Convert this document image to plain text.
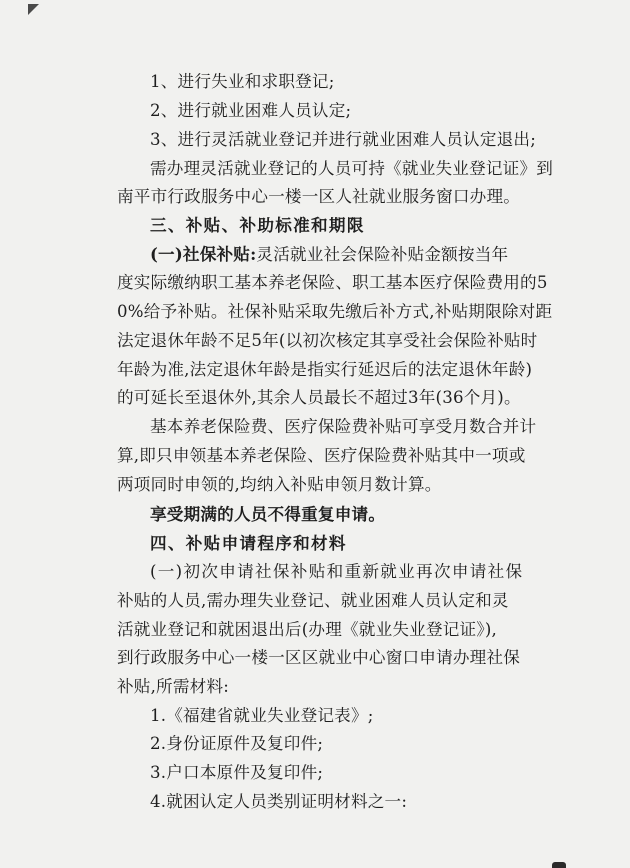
1、进行失业和求职登记;
2、进行就业困难人员认定;
3、进行灵活就业登记并进行就业困难人员认定退出;
需办理灵活就业登记的人员可持《就业失业登记证》到
南平市行政服务中心一楼一区人社就业服务窗口办理。
三、补贴、补助标准和期限
(一)社保补贴:灵活就业社会保险补贴金额按当年
度实际缴纳职工基本养老保险、职工基本医疗保险费用的5
0%给予补贴。社保补贴采取先缴后补方式,补贴期限除对距
法定退休年龄不足5年(以初次核定其享受社会保险补贴时
年龄为准,法定退休年龄是指实行延迟后的法定退休年龄)
的可延长至退休外,其余人员最长不超过3年(36个月)。
基本养老保险费、医疗保险费补贴可享受月数合并计
算,即只申领基本养老保险、医疗保险费补贴其中一项或
两项同时申领的,均纳入补贴申领月数计算。
享受期满的人员不得重复申请。
四、补贴申请程序和材料
(一)初次申请社保补贴和重新就业再次申请社保
补贴的人员,需办理失业登记、就业困难人员认定和灵
活就业登记和就困退出后(办理《就业失业登记证》),
到行政服务中心一楼一区区就业中心窗口申请办理社保
补贴,所需材料:
1.《福建省就业失业登记表》;
2.身份证原件及复印件;
3.户口本原件及复印件;
4.就困认定人员类别证明材料之一:
